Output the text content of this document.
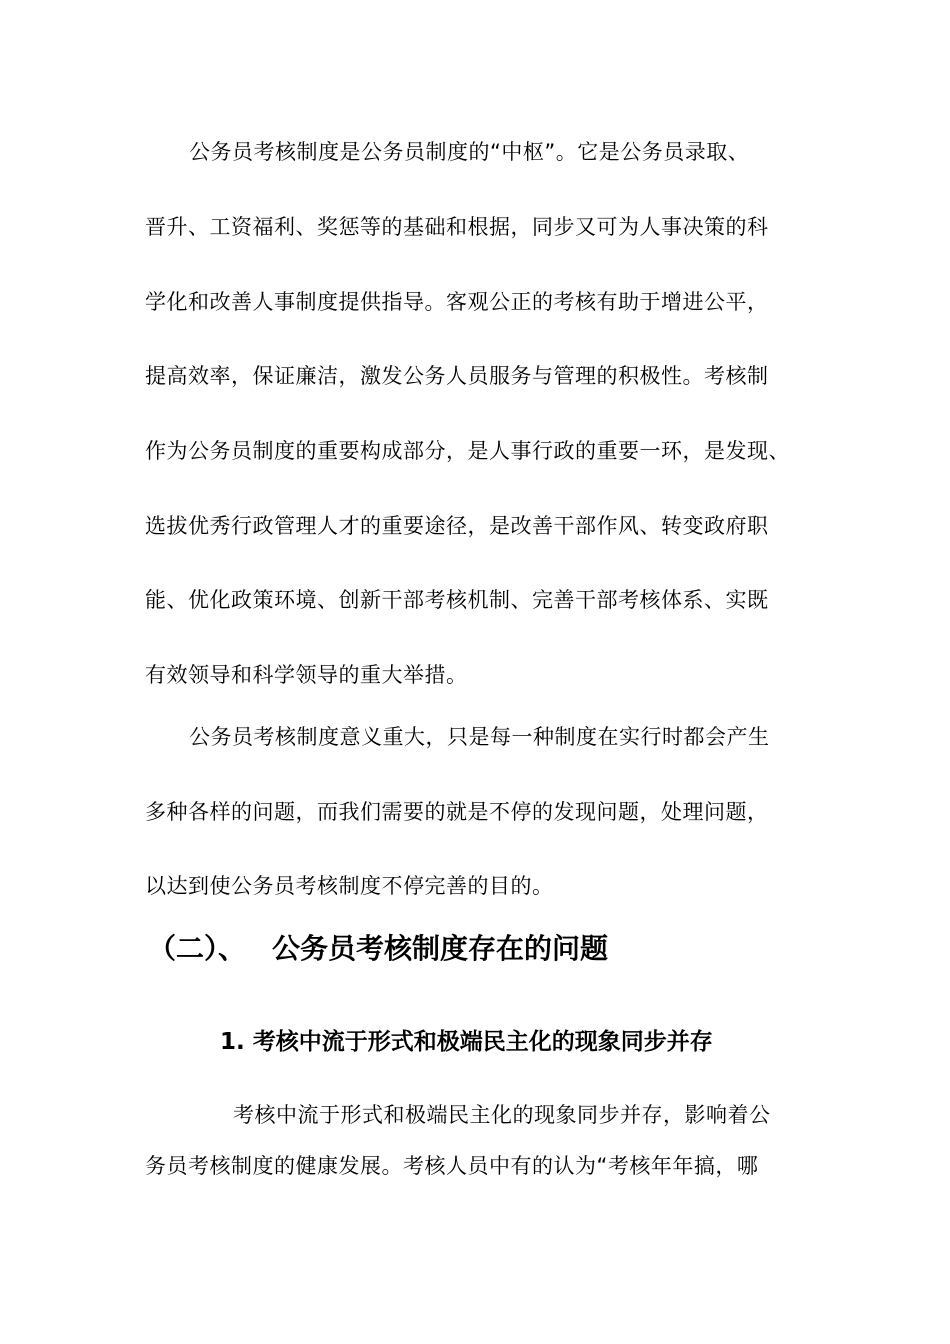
公务员考核制度是公务员制度的“中枢”。它是公务员录取、
晋升、工资福利、奖惩等的基础和根据，同步又可为人事决策的科
学化和改善人事制度提供指导。客观公正的考核有助于增进公平，
提高效率，保证廉洁，激发公务人员服务与管理的积极性。考核制
作为公务员制度的重要构成部分，是人事行政的重要一环，是发现、
选拔优秀行政管理人才的重要途径，是改善干部作风、转变政府职
能、优化政策环境、创新干部考核机制、完善干部考核体系、实既
有效领导和科学领导的重大举措。
公务员考核制度意义重大，只是每一种制度在实行时都会产生
多种各样的问题，而我们需要的就是不停的发现问题，处理问题，
以达到使公务员考核制度不停完善的目的。
（二）、 公务员考核制度存在的问题
1. 考核中流于形式和极端民主化的现象同步并存
考核中流于形式和极端民主化的现象同步并存，影响着公
务员考核制度的健康发展。考核人员中有的认为“考核年年搞，哪
